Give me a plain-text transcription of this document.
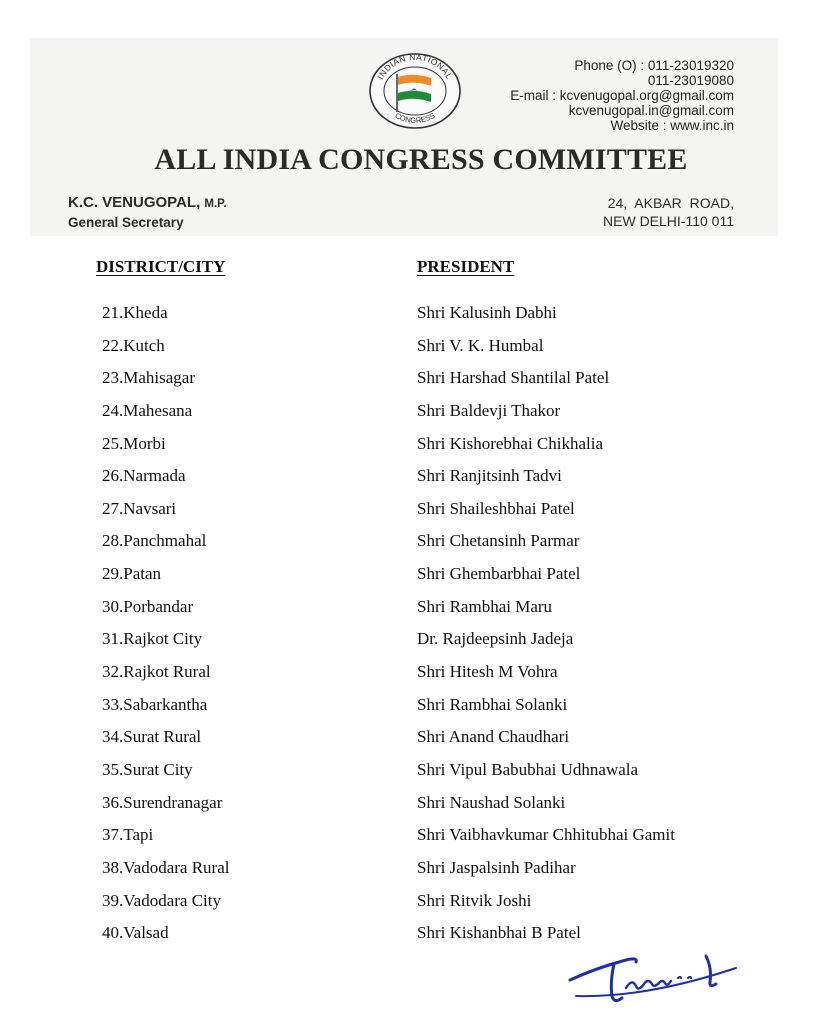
INDIAN NATIONAL
CONGRESS
Phone (O) : 011-23019320
011-23019080
E-mail : kcvenugopal.org@gmail.com
kcvenugopal.in@gmail.com
Website : www.inc.in
ALL INDIA CONGRESS COMMITTEE
K.C. VENUGOPAL, M.P.
General Secretary
24, AKBAR ROAD,
NEW DELHI-110 011
DISTRICT/CITY	PRESIDENT
21.Kheda	Shri Kalusinh Dabhi
22.Kutch	Shri V. K. Humbal
23.Mahisagar	Shri Harshad Shantilal Patel
24.Mahesana	Shri Baldevji Thakor
25.Morbi	Shri Kishorebhai Chikhalia
26.Narmada	Shri Ranjitsinh Tadvi
27.Navsari	Shri Shaileshbhai Patel
28.Panchmahal	Shri Chetansinh Parmar
29.Patan	Shri Ghembarbhai Patel
30.Porbandar	Shri Rambhai Maru
31.Rajkot City	Dr. Rajdeepsinh Jadeja
32.Rajkot Rural	Shri Hitesh M Vohra
33.Sabarkantha	Shri Rambhai Solanki
34.Surat Rural	Shri Anand Chaudhari
35.Surat City	Shri Vipul Babubhai Udhnawala
36.Surendranagar	Shri Naushad Solanki
37.Tapi	Shri Vaibhavkumar Chhitubhai Gamit
38.Vadodara Rural	Shri Jaspalsinh Padihar
39.Vadodara City	Shri Ritvik Joshi
40.Valsad	Shri Kishanbhai B Patel
